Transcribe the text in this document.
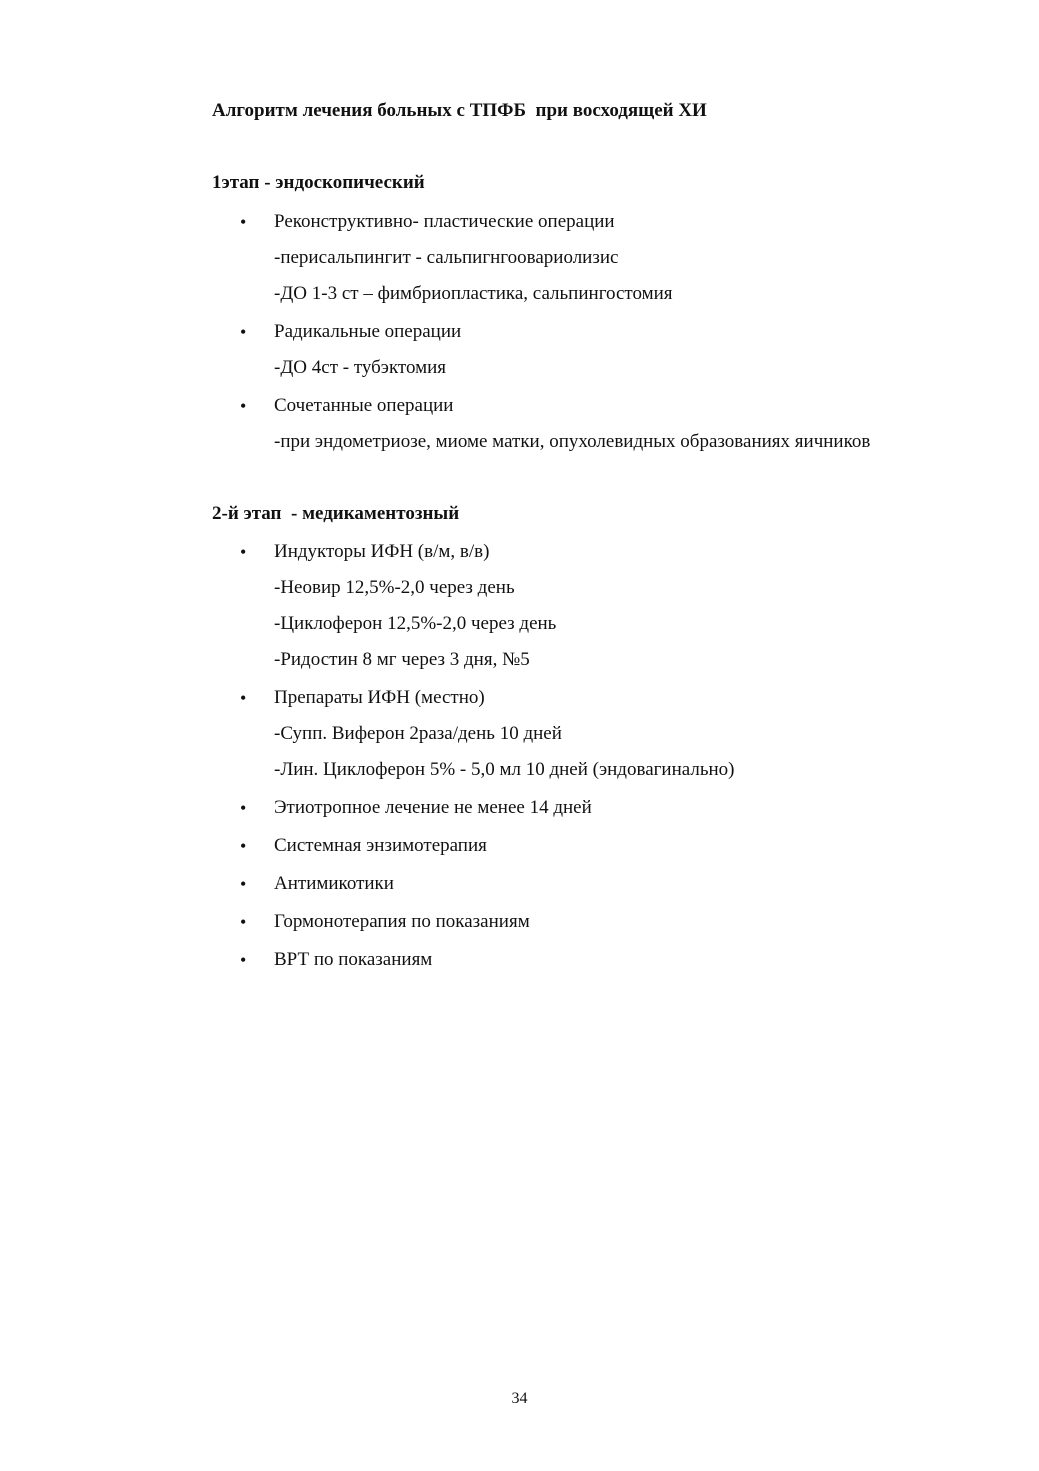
Алгоритм лечения больных с ТПФБ  при восходящей ХИ
1этап - эндоскопический
• Реконструктивно- пластические операции
-перисальпингит - сальпигнгоовариолизис
-ДО 1-3 ст – фимбриопластика, сальпингостомия
• Радикальные операции
-ДО 4ст - тубэктомия
• Сочетанные операции
-при эндометриозе, миоме матки, опухолевидных образованиях яичников
2-й этап  - медикаментозный
• Индукторы ИФН (в/м, в/в)
-Неовир 12,5%-2,0 через день
-Циклоферон 12,5%-2,0 через день
-Ридостин 8 мг через 3 дня, №5
• Препараты ИФН (местно)
-Супп. Виферон 2раза/день 10 дней
-Лин. Циклоферон 5% - 5,0 мл 10 дней (эндовагинально)
• Этиотропное лечение не менее 14 дней
• Системная энзимотерапия
• Антимикотики
• Гормонотерапия по показаниям
• ВРТ по показаниям
34
